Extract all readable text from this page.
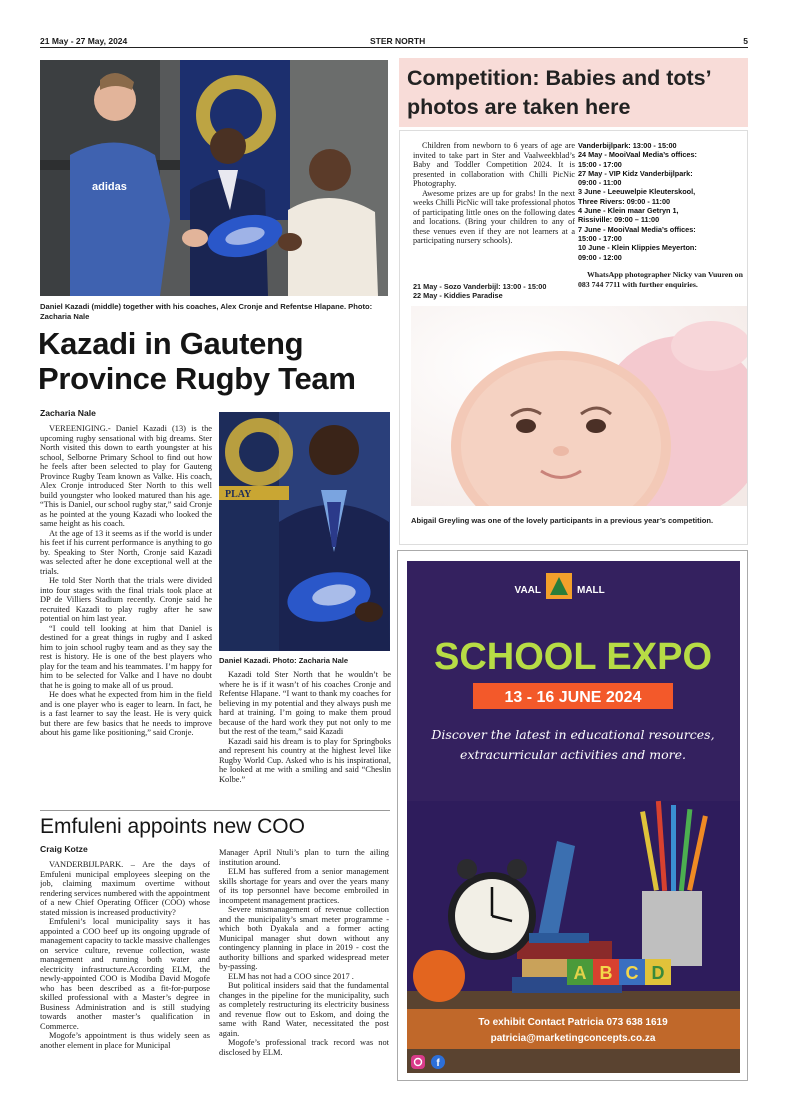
21 May - 27 May, 2024	STER NORTH	5
adidas
Daniel Kazadi (middle) together with his coaches, Alex Cronje and Refentse Hlapane. Photo: Zacharia Nale
Kazadi in Gauteng Province Rugby Team
Zacharia Nale

VEREENIGING.- Daniel Kazadi (13) is the upcoming rugby sensational with big dreams. Ster North visited this down to earth youngster at his school, Selborne Primary School to find out how he feels after been selected to play for Gauteng Province Rugby Team known as Valke. His coach, Alex Cronje introduced Ster North to this well build youngster who looked matured than his age. “This is Daniel, our school rugby star,” said Cronje as he pointed at the young Kazadi who looked the same height as his coach.

At the age of 13 it seems as if the world is under his feet if his current performance is anything to go by. Speaking to Ster North, Cronje said Kazadi was selected after he done exceptional well at the trials.

He told Ster North that the trials were divided into four stages with the final trials took place at DP de Villiers Stadium recently. Cronje said he recruited Kazadi to play rugby after he saw potential on him last year.

“I could tell looking at him that Daniel is destined for a great things in rugby and I asked him to join school rugby team and as they say the rest is history. He is one of the best players who play for the team and his teammates. I’m happy for him to be selected for Valke and I have no doubt that he is going to make all of us proud.

He does what he expected from him in the field and is one player who is eager to learn. In fact, he is a fast learner to say the least. He is very quick but there are few basics that he needs to improve about his game like positioning,” said Cronje.

PLAY
Daniel Kazadi. Photo: Zacharia Nale

Kazadi told Ster North that he wouldn’t be where he is if it wasn’t of his coaches Cronje and Refentse Hlapane. “I want to thank my coaches for believing in my potential and they always push me hard at training. I’m going to make them proud because of the hard work they put not only to me but the rest of the team,” said Kazadi

Kazadi said his dream is to play for Springboks and represent his country at the highest level like Rugby World Cup. Asked who is his inspirational, he looked at me with a smiling and said “Cheslin Kolbe.”

Emfuleni appoints new COO
Craig Kotze

VANDERBIJLPARK. – Are the days of Emfuleni municipal employees sleeping on the job, claiming maximum overtime without rendering services numbered with the appointment of a new Chief Operating Officer (COO) whose stated mission is increased productivity?

Emfuleni’s local municipality says it has appointed a COO beef up its ongoing upgrade of management capacity to tackle massive challenges on service culture, revenue collection, waste management and running both water and electricity infrastructure.According ELM, the newly-appointed COO is Modiba David Mogofe who has been described as a fit-for-purpose skilled professional with a Master’s degree in Business Administration and is still studying towards another master’s qualification in Commerce.

Mogofe’s appointment is thus widely seen as another element in place for Municipal

Manager April Ntuli’s plan to turn the ailing institution around.

ELM has suffered from a senior management skills shortage for years and over the years many of its top personnel have become embroiled in incompetent management practices.

Severe mismanagement of revenue collection and the municipality’s smart meter programme - which both Dyakala and a former acting Municipal manager shut down without any contingency planning in place in 2019 - cost the authority billions and sparked widespread meter by-passing.

ELM has not had a COO since 2017 .

But political insiders said that the fundamental changes in the pipeline for the municipality, such as completely restructuring its electricity business and revenue flow out to Eskom, and doing the same with Rand Water, necessitated the post again.

Mogofe’s professional track record was not disclosed by ELM.

Competition: Babies and tots’ photos are taken here

Children from newborn to 6 years of age are invited to take part in Ster and Vaalweekblad’s Baby and Toddler Competition 2024. It is presented in collaboration with Chilli PicNic Photography.

Awesome prizes are up for grabs! In the next weeks Chilli PicNic will take professional photos of participating little ones on the following dates and locations. (Bring your children to any of these venues even if they are not learners at a participating nursery schools).

21 May - Sozo Vanderbijl: 13:00 - 15:00
22 May - Kiddies Paradise
Vanderbijlpark: 13:00 - 15:00
24 May - MooiVaal Media’s offices:
15:00 - 17:00
27 May - VIP Kidz Vanderbijlpark:
09:00 - 11:00
3 June - Leeuwelpie Kleuterskool,
Three Rivers: 09:00 - 11:00
4 June - Klein maar Getryn 1,
Rissiville: 09:00 – 11:00
7 June - MooiVaal Media’s offices:
15:00 - 17:00
10 June - Klein Klippies Meyerton:
09:00 - 12:00

WhatsApp photographer Nicky van Vuuren on 083 744 7711 with further enquiries.

Abigail Greyling was one of the lovely participants in a previous year’s competition.
VAAL	MALL
SCHOOL EXPO
13 - 16 JUNE 2024
Discover the latest in educational resources,
extracurricular activities and more.
A B C D
To exhibit Contact Patricia 073 638 1619
patricia@marketingconcepts.co.za
f
